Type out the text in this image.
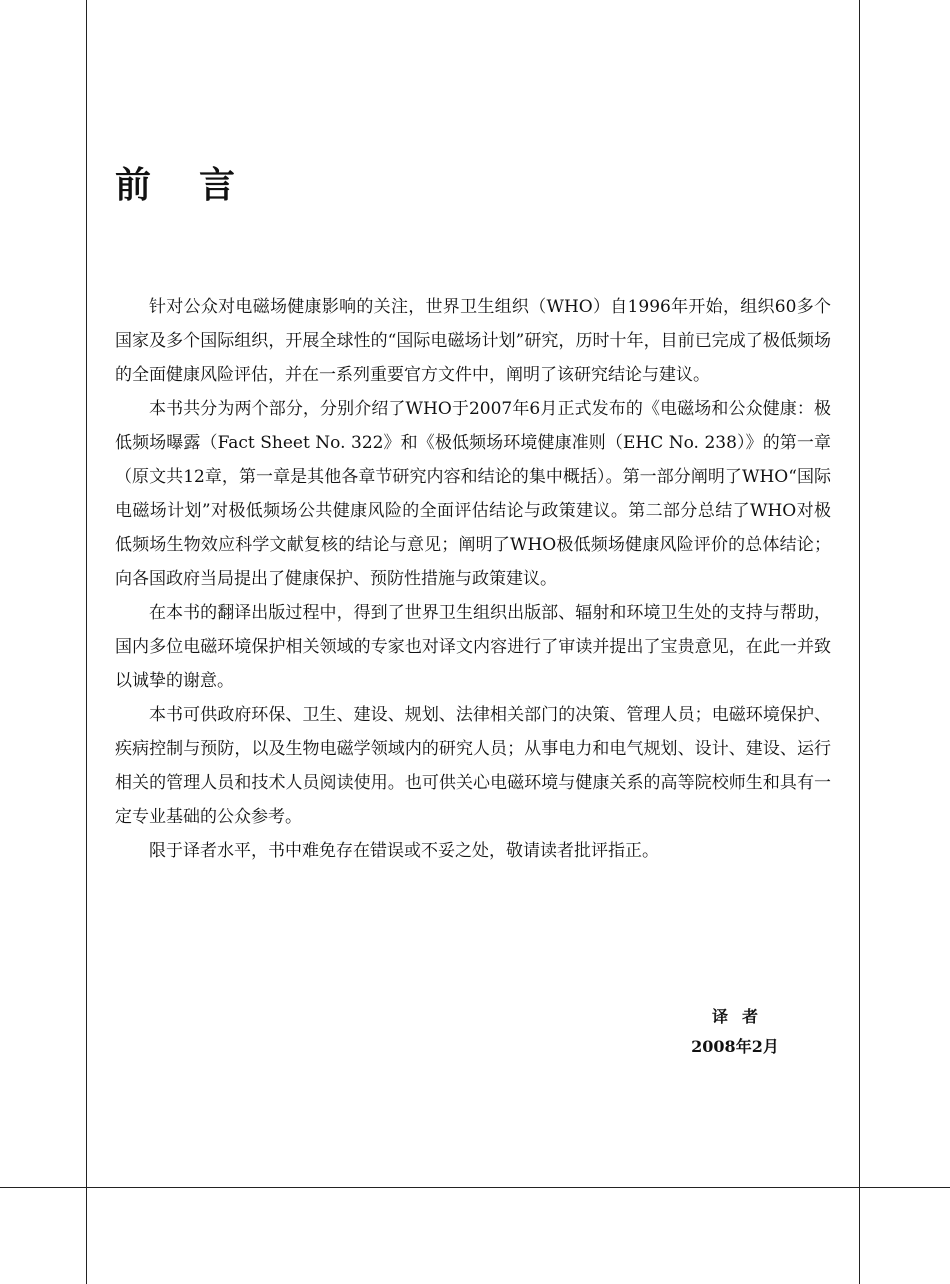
前言

针对公众对电磁场健康影响的关注，世界卫生组织（WHO）自1996年开始，组织60多个国家及多个国际组织，开展全球性的“国际电磁场计划”研究，历时十年，目前已完成了极低频场的全面健康风险评估，并在一系列重要官方文件中，阐明了该研究结论与建议。

本书共分为两个部分，分别介绍了WHO于2007年6月正式发布的《电磁场和公众健康：极低频场曝露（Fact Sheet No. 322》和《极低频场环境健康准则（EHC No. 238）》的第一章（原文共12章，第一章是其他各章节研究内容和结论的集中概括）。第一部分阐明了WHO“国际电磁场计划”对极低频场公共健康风险的全面评估结论与政策建议。第二部分总结了WHO对极低频场生物效应科学文献复核的结论与意见；阐明了WHO极低频场健康风险评价的总体结论；向各国政府当局提出了健康保护、预防性措施与政策建议。

在本书的翻译出版过程中，得到了世界卫生组织出版部、辐射和环境卫生处的支持与帮助，国内多位电磁环境保护相关领域的专家也对译文内容进行了审读并提出了宝贵意见，在此一并致以诚挚的谢意。

本书可供政府环保、卫生、建设、规划、法律相关部门的决策、管理人员；电磁环境保护、疾病控制与预防，以及生物电磁学领域内的研究人员；从事电力和电气规划、设计、建设、运行相关的管理人员和技术人员阅读使用。也可供关心电磁环境与健康关系的高等院校师生和具有一定专业基础的公众参考。

限于译者水平，书中难免存在错误或不妥之处，敬请读者批评指正。

译者
2008年2月
